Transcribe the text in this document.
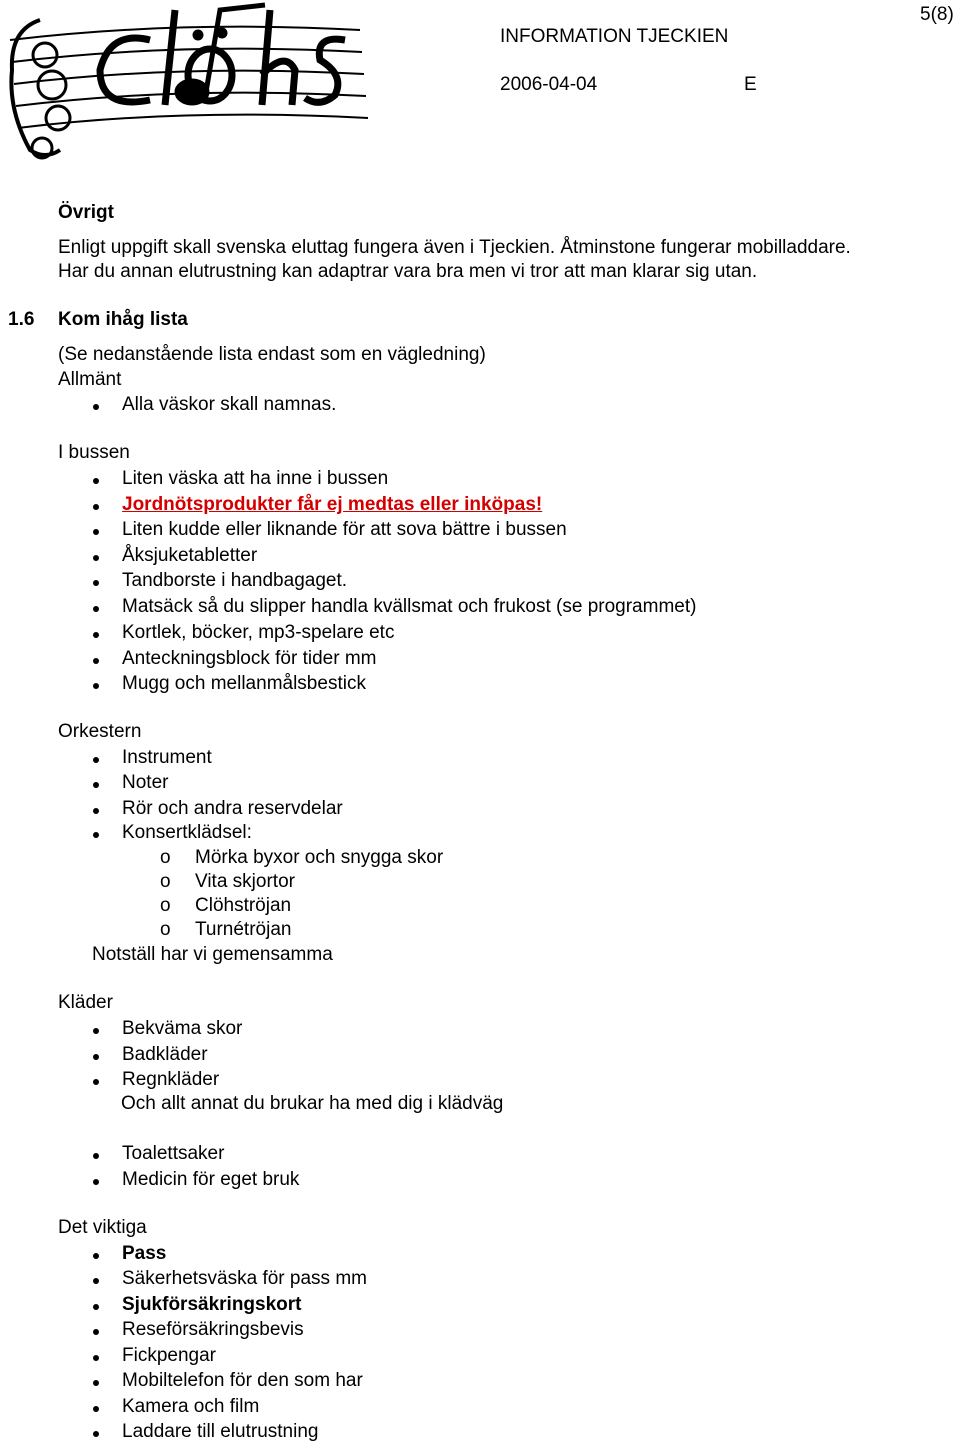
5(8)
INFORMATION TJECKIEN
2006-04-04	E
Övrigt
Enligt uppgift skall svenska eluttag fungera även i Tjeckien. Åtminstone fungerar mobilladdare.
Har du annan elutrustning kan adaptrar vara bra men vi tror att man klarar sig utan.
1.6 Kom ihåg lista
(Se nedanstående lista endast som en vägledning)
Allmänt
Alla väskor skall namnas.
I bussen
Liten väska att ha inne i bussen
Jordnötsprodukter får ej medtas eller inköpas!
Liten kudde eller liknande för att sova bättre i bussen
Åksjuketabletter
Tandborste i handbagaget.
Matsäck så du slipper handla kvällsmat och frukost (se programmet)
Kortlek, böcker, mp3-spelare etc
Anteckningsblock för tider mm
Mugg och mellanmålsbestick
Orkestern
Instrument
Noter
Rör och andra reservdelar
Konsertklädsel:
o Mörka byxor och snygga skor
o Vita skjortor
o Clöhströjan
o Turnétröjan
Notställ har vi gemensamma
Kläder
Bekväma skor
Badkläder
Regnkläder
Och allt annat du brukar ha med dig i klädväg
Toalettsaker
Medicin för eget bruk
Det viktiga
Pass
Säkerhetsväska för pass mm
Sjukförsäkringskort
Reseförsäkringsbevis
Fickpengar
Mobiltelefon för den som har
Kamera och film
Laddare till elutrustning
